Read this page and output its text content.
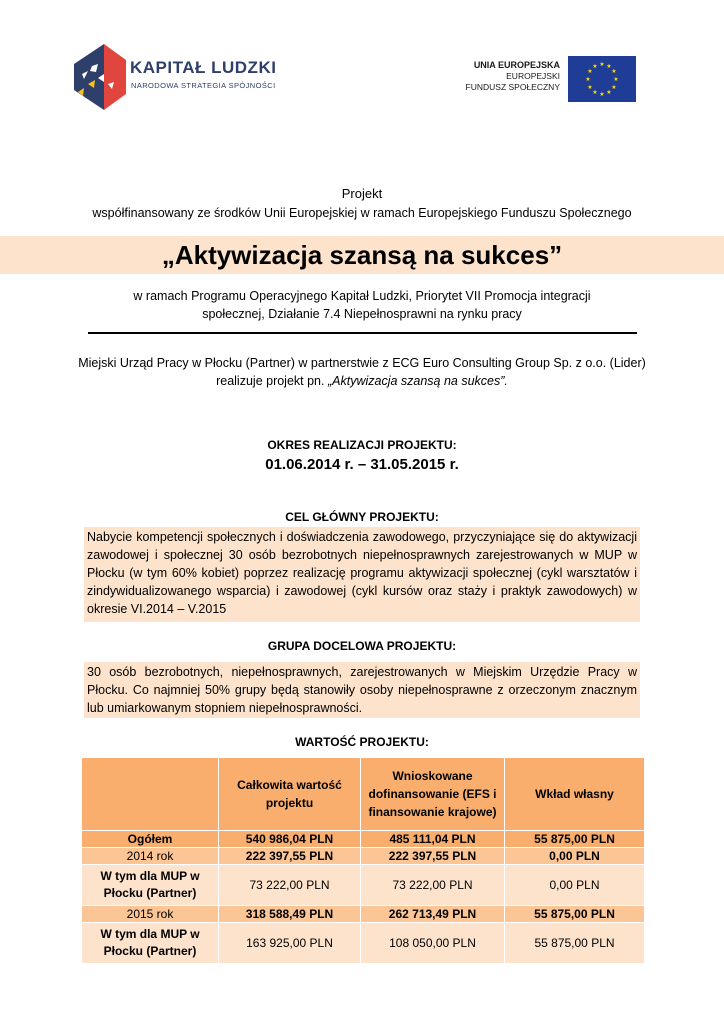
KAPITAŁ LUDZKI
NARODOWA STRATEGIA SPÓJNOŚCI
UNIA EUROPEJSKA
EUROPEJSKI
FUNDUSZ SPOŁECZNY
★ ★
★
★
★
★
★
★
★
★
★
★
Projekt
współfinansowany ze środków Unii Europejskiej w ramach Europejskiego Funduszu Społecznego
„Aktywizacja szansą na sukces”
w ramach Programu Operacyjnego Kapitał Ludzki, Priorytet VII Promocja integracji
społecznej, Działanie 7.4 Niepełnosprawni na rynku pracy
Miejski Urząd Pracy w Płocku (Partner) w partnerstwie z ECG Euro Consulting Group Sp. z o.o. (Lider)
realizuje projekt pn. „Aktywizacja szansą na sukces”.
OKRES REALIZACJI PROJEKTU:
01.06.2014 r. – 31.05.2015 r.
CEL GŁÓWNY PROJEKTU:
Nabycie kompetencji społecznych i doświadczenia zawodowego, przyczyniające się do aktywizacji zawodowej i społecznej 30 osób bezrobotnych niepełnosprawnych zarejestrowanych w MUP w Płocku (w tym 60% kobiet) poprzez realizację programu aktywizacji społecznej (cykl warsztatów i zindywidualizowanego wsparcia) i zawodowej (cykl kursów oraz staży i praktyk zawodowych) w okresie VI.2014 – V.2015
GRUPA DOCELOWA PROJEKTU:
30 osób bezrobotnych, niepełnosprawnych, zarejestrowanych w Miejskim Urzędzie Pracy w Płocku. Co najmniej 50% grupy będą stanowiły osoby niepełnosprawne z orzeczonym znacznym lub umiarkowanym stopniem niepełnosprawności.
WARTOŚĆ PROJEKTU:
	Całkowita wartość projektu	Wnioskowane dofinansowanie (EFS i finansowanie krajowe)	Wkład własny
Ogółem	540 986,04 PLN	485 111,04 PLN	55 875,00 PLN
2014 rok	222 397,55 PLN	222 397,55 PLN	0,00 PLN
W tym dla MUP w Płocku (Partner)	73 222,00 PLN	73 222,00 PLN	0,00 PLN
2015 rok	318 588,49 PLN	262 713,49 PLN	55 875,00 PLN
W tym dla MUP w Płocku (Partner)	163 925,00 PLN	108 050,00 PLN	55 875,00 PLN
